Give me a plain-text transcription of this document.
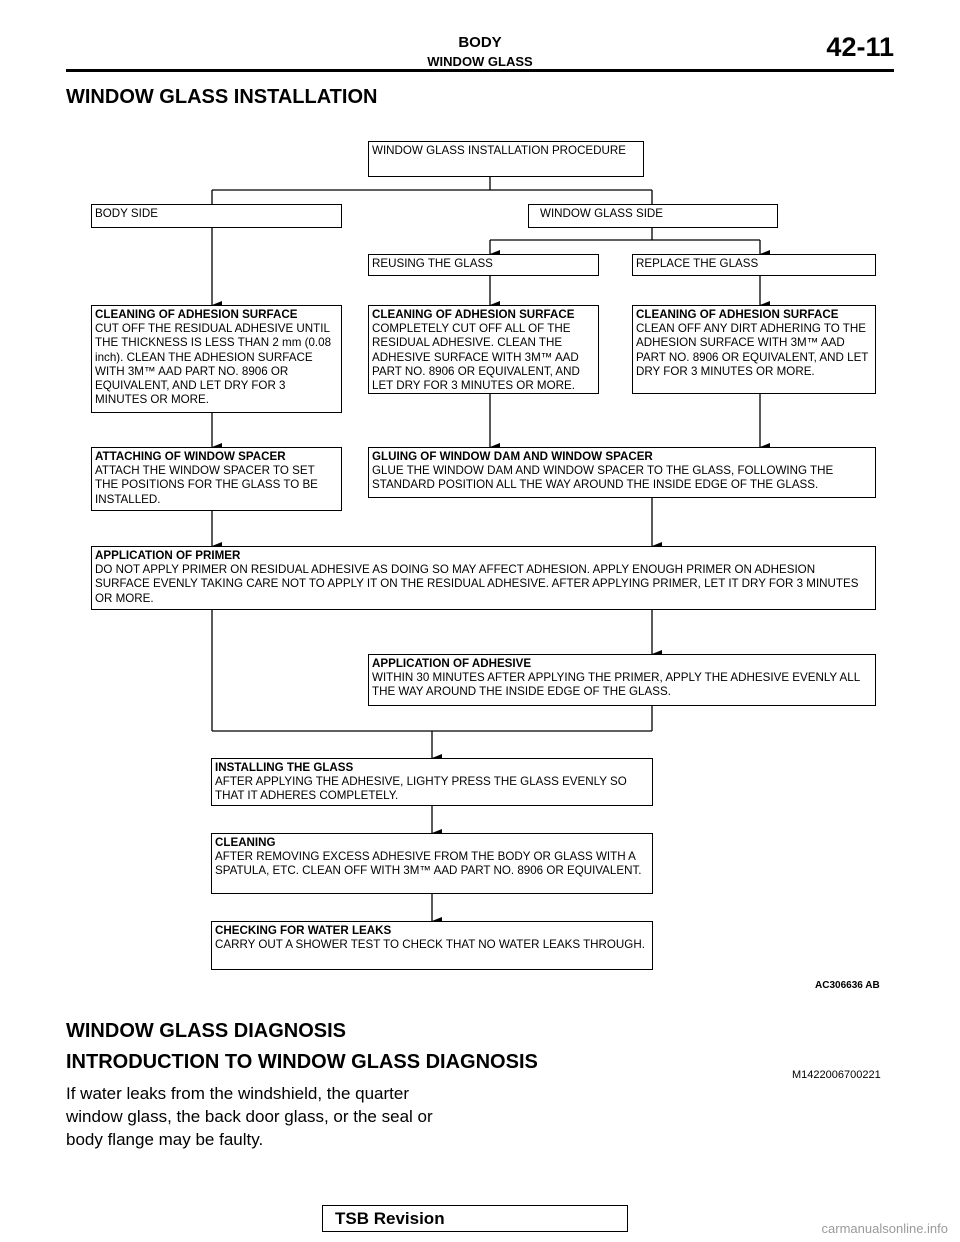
BODY
WINDOW GLASS	42-11
WINDOW GLASS INSTALLATION
WINDOW GLASS INSTALLATION PROCEDURE
BODY SIDE	WINDOW GLASS SIDE
REUSING THE GLASS	REPLACE THE GLASS
CLEANING OF ADHESION SURFACE
CUT OFF THE RESIDUAL ADHESIVE UNTIL THE THICKNESS IS LESS THAN 2 mm (0.08 inch). CLEAN THE ADHESION SURFACE WITH 3M™ AAD PART NO. 8906 OR EQUIVALENT, AND LET DRY FOR 3 MINUTES OR MORE.
CLEANING OF ADHESION SURFACE
COMPLETELY CUT OFF ALL OF THE RESIDUAL ADHESIVE. CLEAN THE ADHESIVE SURFACE WITH 3M™ AAD PART NO. 8906 OR EQUIVALENT, AND LET DRY FOR 3 MINUTES OR MORE.
CLEANING OF ADHESION SURFACE
CLEAN OFF ANY DIRT ADHERING TO THE ADHESION SURFACE WITH 3M™ AAD PART NO. 8906 OR EQUIVALENT, AND LET DRY FOR 3 MINUTES OR MORE.
ATTACHING OF WINDOW SPACER
ATTACH THE WINDOW SPACER TO SET THE POSITIONS FOR THE GLASS TO BE INSTALLED.
GLUING OF WINDOW DAM AND WINDOW SPACER
GLUE THE WINDOW DAM AND WINDOW SPACER TO THE GLASS, FOLLOWING THE STANDARD POSITION ALL THE WAY AROUND THE INSIDE EDGE OF THE GLASS.
APPLICATION OF PRIMER
DO NOT APPLY PRIMER ON RESIDUAL ADHESIVE AS DOING SO MAY AFFECT ADHESION. APPLY ENOUGH PRIMER ON ADHESION SURFACE EVENLY TAKING CARE NOT TO APPLY IT ON THE RESIDUAL ADHESIVE. AFTER APPLYING PRIMER, LET IT DRY FOR 3 MINUTES OR MORE.
APPLICATION OF ADHESIVE
WITHIN 30 MINUTES AFTER APPLYING THE PRIMER, APPLY THE ADHESIVE EVENLY ALL THE WAY AROUND THE INSIDE EDGE OF THE GLASS.
INSTALLING THE GLASS
AFTER APPLYING THE ADHESIVE, LIGHTY PRESS THE GLASS EVENLY SO THAT IT ADHERES COMPLETELY.
CLEANING
AFTER REMOVING EXCESS ADHESIVE FROM THE BODY OR GLASS WITH A SPATULA, ETC. CLEAN OFF WITH 3M™ AAD PART NO. 8906 OR EQUIVALENT.
CHECKING FOR WATER LEAKS
CARRY OUT A SHOWER TEST TO CHECK THAT NO WATER LEAKS THROUGH.
AC306636 AB
WINDOW GLASS DIAGNOSIS
INTRODUCTION TO WINDOW GLASS DIAGNOSIS
M1422006700221
If water leaks from the windshield, the quarter window glass, the back door glass, or the seal or body flange may be faulty.
TSB Revision
carmanualsonline.info
